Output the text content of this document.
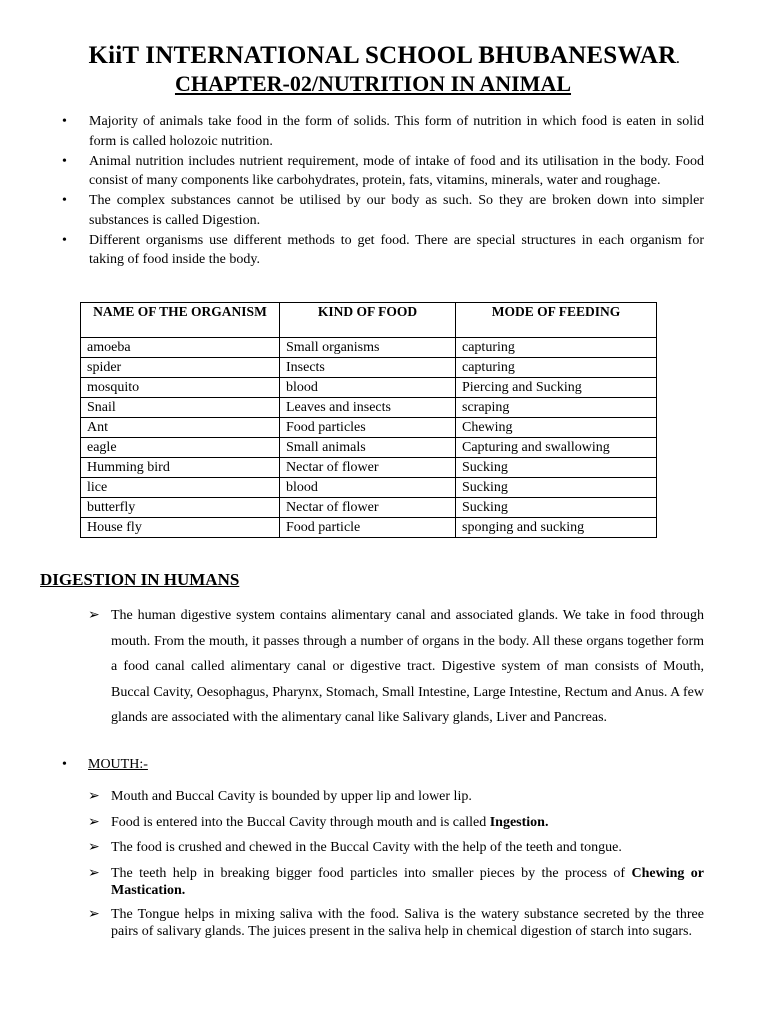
KiiT INTERNATIONAL SCHOOL BHUBANESWAR.
CHAPTER-02/NUTRITION IN ANIMAL
• Majority of animals take food in the form of solids. This form of nutrition in which food is eaten in solid form is called holozoic nutrition.
• Animal nutrition includes nutrient requirement, mode of intake of food and its utilisation in the body. Food consist of many components like carbohydrates, protein, fats, vitamins, minerals, water and roughage.
• The complex substances cannot be utilised by our body as such. So they are broken down into simpler substances is called Digestion.
• Different organisms use different methods to get food. There are special structures in each organism for taking of food inside the body.
NAME OF THE ORGANISM	KIND OF FOOD	MODE OF FEEDING
amoeba	Small organisms	capturing
spider	Insects	capturing
mosquito	blood	Piercing and Sucking
Snail	Leaves and insects	scraping
Ant	Food particles	Chewing
eagle	Small animals	Capturing and swallowing
Humming bird	Nectar of flower	Sucking
lice	blood	Sucking
butterfly	Nectar of flower	Sucking
House fly	Food particle	sponging and sucking
DIGESTION IN HUMANS
➢ The human digestive system contains alimentary canal and associated glands. We take in food through mouth. From the mouth, it passes through a number of organs in the body. All these organs together form a food canal called alimentary canal or digestive tract. Digestive system of man consists of Mouth, Buccal Cavity, Oesophagus, Pharynx, Stomach, Small Intestine, Large Intestine, Rectum and Anus. A few glands are associated with the alimentary canal like Salivary glands, Liver and Pancreas.
• MOUTH:-
➢ Mouth and Buccal Cavity is bounded by upper lip and lower lip.
➢ Food is entered into the Buccal Cavity through mouth and is called Ingestion.
➢ The food is crushed and chewed in the Buccal Cavity with the help of the teeth and tongue.
➢ The teeth help in breaking bigger food particles into smaller pieces by the process of Chewing or Mastication.
➢ The Tongue helps in mixing saliva with the food. Saliva is the watery substance secreted by the three pairs of salivary glands. The juices present in the saliva help in chemical digestion of starch into sugars.
